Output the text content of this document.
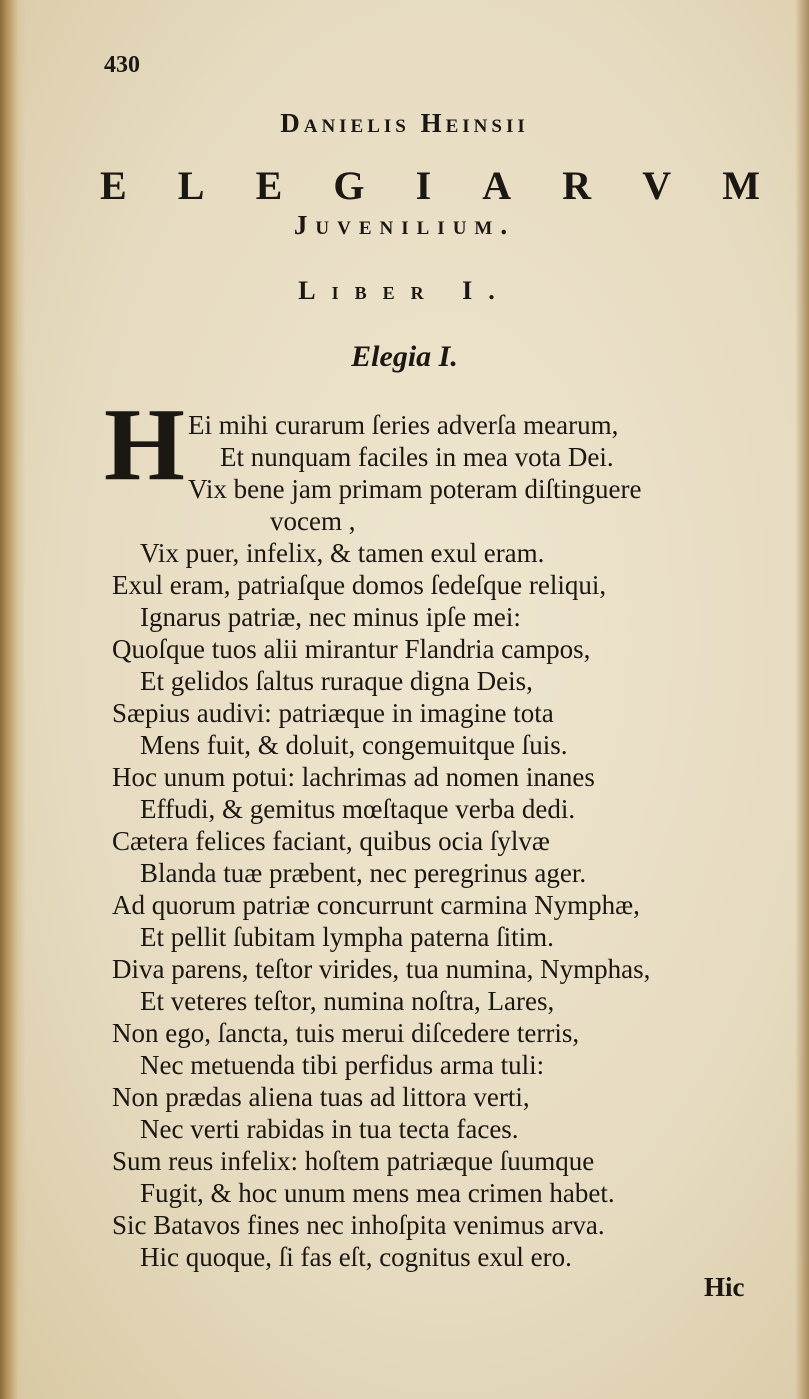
430
Danielis Heinsii
E L E G I A R V M
Juvenilium.
Liber I.
Elegia I.
H Ei mihi curarum ſeries adverſa mearum,
Et nunquam faciles in mea vota Dei.
Vix bene jam primam poteram diſtinguere
vocem ,
Vix puer, infelix, & tamen exul eram.
Exul eram, patriaſque domos ſedeſque reliqui,
Ignarus patriæ, nec minus ipſe mei:
Quoſque tuos alii mirantur Flandria campos,
Et gelidos ſaltus ruraque digna Deis,
Sæpius audivi: patriæque in imagine tota
Mens fuit, & doluit, congemuitque ſuis.
Hoc unum potui: lachrimas ad nomen inanes
Effudi, & gemitus mœſtaque verba dedi.
Cætera felices faciant, quibus ocia ſylvæ
Blanda tuæ præbent, nec peregrinus ager.
Ad quorum patriæ concurrunt carmina Nymphæ,
Et pellit ſubitam lympha paterna ſitim.
Diva parens, teſtor virides, tua numina, Nymphas,
Et veteres teſtor, numina noſtra, Lares,
Non ego, ſancta, tuis merui diſcedere terris,
Nec metuenda tibi perfidus arma tuli:
Non prædas aliena tuas ad littora verti,
Nec verti rabidas in tua tecta faces.
Sum reus infelix: hoſtem patriæque ſuumque
Fugit, & hoc unum mens mea crimen habet.
Sic Batavos fines nec inhoſpita venimus arva.
Hic quoque, ſi fas eſt, cognitus exul ero.
Hic
